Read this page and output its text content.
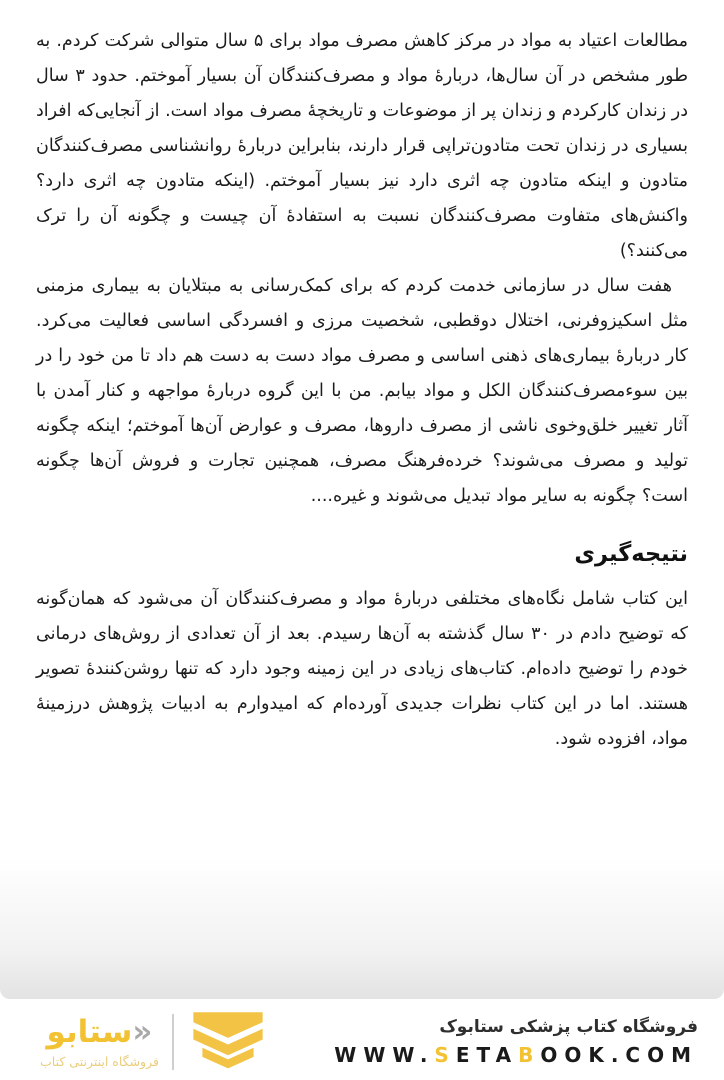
مطالعات اعتیاد به مواد در مرکز کاهش مصرف مواد برای ۵ سال متوالی شرکت کردم. به طور مشخص در آن سال‌ها، دربارهٔ مواد و مصرف‌کنندگان آن بسیار آموختم. حدود ۳ سال در زندان کارکردم و زندان پر از موضوعات و تاریخچهٔ مصرف مواد است. از آنجایی‌که افراد بسیاری در زندان تحت متادون‌تراپی قرار دارند، بنابراین دربارهٔ روانشناسی مصرف‌کنندگان متادون و اینکه متادون چه اثری دارد نیز بسیار آموختم. (اینکه متادون چه اثری دارد؟ واکنش‌های متفاوت مصرف‌کنندگان نسبت به استفادهٔ آن چیست و چگونه آن را ترک می‌کنند؟)

هفت سال در سازمانی خدمت کردم که برای کمک‌رسانی به مبتلایان به بیماری مزمنی مثل اسکیزوفرنی، اختلال دوقطبی، شخصیت مرزی و افسردگی اساسی فعالیت می‌کرد. کار دربارهٔ بیماری‌های ذهنی اساسی و مصرف مواد دست به دست هم داد تا من خود را در بین سوءمصرف‌کنندگان الکل و مواد بیابم. من با این گروه دربارهٔ مواجهه و کنار آمدن با آثار تغییر خلق‌وخوی ناشی از مصرف داروها، مصرف و عوارض آن‌ها آموختم؛ اینکه چگونه تولید و مصرف می‌شوند؟ خرده‌فرهنگ مصرف، همچنین تجارت و فروش آن‌ها چگونه است؟ چگونه به سایر مواد تبدیل می‌شوند و غیره....

نتیجه‌گیری

این کتاب شامل نگاه‌های مختلفی دربارهٔ مواد و مصرف‌کنندگان آن می‌شود که همان‌گونه که توضیح دادم در ۳۰ سال گذشته به آن‌ها رسیدم. بعد از آن تعدادی از روش‌های درمانی خودم را توضیح داده‌ام. کتاب‌های زیادی در این زمینه وجود دارد که تنها روشن‌کنندهٔ تصویر هستند. اما در این کتاب نظرات جدیدی آورده‌ام که امیدوارم به ادبیات پژوهش درزمینهٔ مواد، افزوده شود.

«ستابو
فروشگاه اینترنتی کتاب
فروشگاه کتاب پزشکی ستابوک
WWW.SETABOOK.COM
